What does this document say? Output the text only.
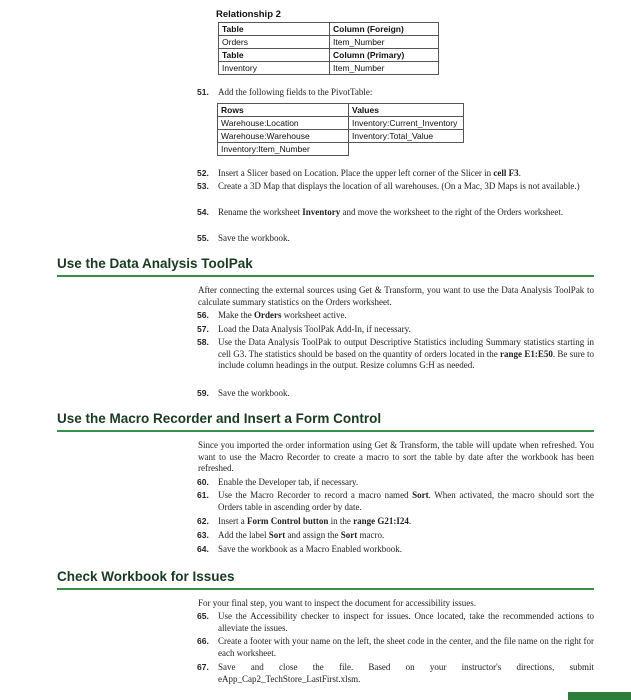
Relationship 2
Table	Column (Foreign)
Orders	Item_Number
Table	Column (Primary)
Inventory	Item_Number
51. Add the following fields to the PivotTable:
Rows	Values
Warehouse:Location	Inventory:Current_Inventory
Warehouse:Warehouse	Inventory:Total_Value
Inventory:Item_Number	
52. Insert a Slicer based on Location. Place the upper left corner of the Slicer in cell F3.
53. Create a 3D Map that displays the location of all warehouses. (On a Mac, 3D Maps is not available.)
54. Rename the worksheet Inventory and move the worksheet to the right of the Orders worksheet.
55. Save the workbook.
Use the Data Analysis ToolPak
After connecting the external sources using Get & Transform, you want to use the Data Analysis ToolPak to calculate summary statistics on the Orders worksheet.
56. Make the Orders worksheet active.
57. Load the Data Analysis ToolPak Add-In, if necessary.
58. Use the Data Analysis ToolPak to output Descriptive Statistics including Summary statistics starting in cell G3. The statistics should be based on the quantity of orders located in the range E1:E50. Be sure to include column headings in the output. Resize columns G:H as needed.
59. Save the workbook.
Use the Macro Recorder and Insert a Form Control
Since you imported the order information using Get & Transform, the table will update when refreshed. You want to use the Macro Recorder to create a macro to sort the table by date after the workbook has been refreshed.
60. Enable the Developer tab, if necessary.
61. Use the Macro Recorder to record a macro named Sort. When activated, the macro should sort the Orders table in ascending order by date.
62. Insert a Form Control button in the range G21:I24.
63. Add the label Sort and assign the Sort macro.
64. Save the workbook as a Macro Enabled workbook.
Check Workbook for Issues
For your final step, you want to inspect the document for accessibility issues.
65. Use the Accessibility checker to inspect for issues. Once located, take the recommended actions to alleviate the issues.
66. Create a footer with your name on the left, the sheet code in the center, and the file name on the right for each worksheet.
67. Save and close the file. Based on your instructor's directions, submit eApp_Cap2_TechStore_LastFirst.xlsm.
